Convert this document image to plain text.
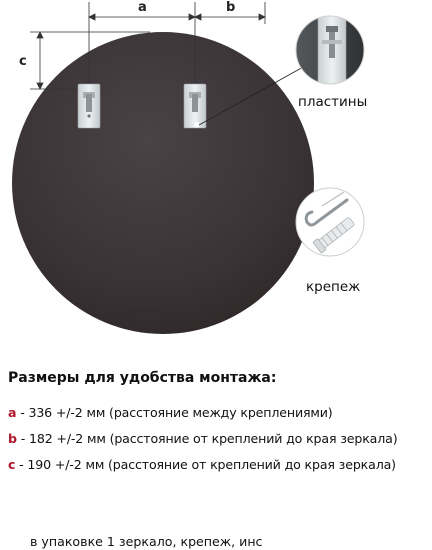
a	b
c
пластины
крепеж
Размеры для удобства монтажа:
a - 336 +/-2 мм (расстояние между креплениями)
b - 182 +/-2 мм (расстояние от креплений до края зеркала)
c - 190 +/-2 мм (расстояние от креплений до края зеркала)
в упаковке 1 зеркало, крепеж, инс
